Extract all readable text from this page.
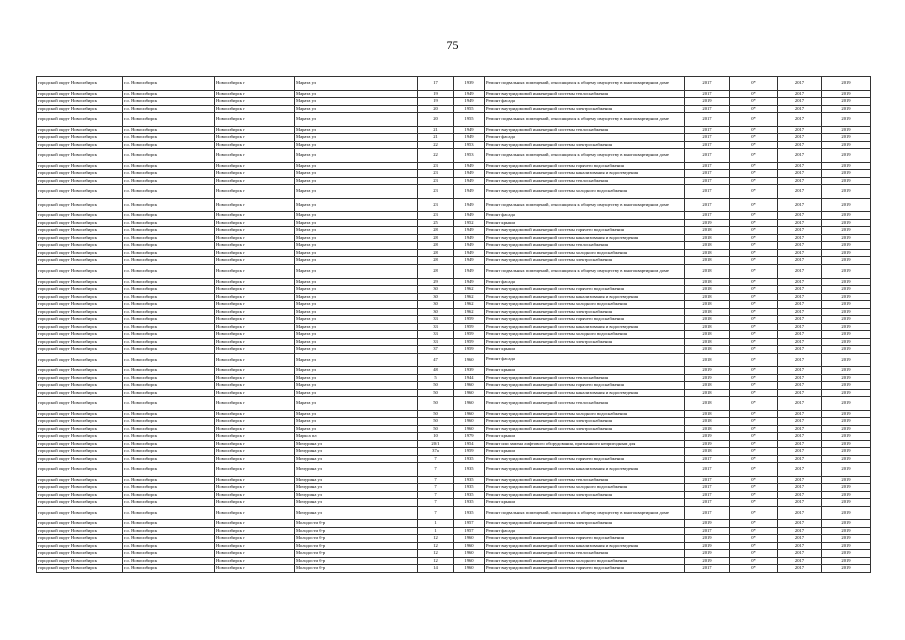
75
городской округ Новосибирск	г.о. Новосибирск	Новосибирск г	Марата ул	17	1939	Ремонт подвальных помещений, относящихся к общему имуществу в многоквартирном доме	2017	0*	2017	2019
городской округ Новосибирск	г.о. Новосибирск	Новосибирск г	Марата ул	19	1949	Ремонт внутридомовой инженерной системы теплоснабжения	2017	0*	2017	2019
городской округ Новосибирск	г.о. Новосибирск	Новосибирск г	Марата ул	19	1949	Ремонт фасада	2019	0*	2017	2019
городской округ Новосибирск	г.о. Новосибирск	Новосибирск г	Марата ул	20	1955	Ремонт внутридомовой инженерной системы электроснабжения	2017	0*	2017	2019
городской округ Новосибирск	г.о. Новосибирск	Новосибирск г	Марата ул	20	1955	Ремонт подвальных помещений, относящихся к общему имуществу в многоквартирном доме	2017	0*	2017	2019
городской округ Новосибирск	г.о. Новосибирск	Новосибирск г	Марата ул	21	1949	Ремонт внутридомовой инженерной системы теплоснабжения	2017	0*	2017	2019
городской округ Новосибирск	г.о. Новосибирск	Новосибирск г	Марата ул	21	1949	Ремонт фасада	2017	0*	2017	2019
городской округ Новосибирск	г.о. Новосибирск	Новосибирск г	Марата ул	22	1953	Ремонт внутридомовой инженерной системы электроснабжения	2017	0*	2017	2019
городской округ Новосибирск	г.о. Новосибирск	Новосибирск г	Марата ул	22	1953	Ремонт подвальных помещений, относящихся к общему имуществу в многоквартирном доме	2017	0*	2017	2019
городской округ Новосибирск	г.о. Новосибирск	Новосибирск г	Марата ул	23	1949	Ремонт внутридомовой инженерной системы горячего водоснабжения	2017	0*	2017	2019
городской округ Новосибирск	г.о. Новосибирск	Новосибирск г	Марата ул	23	1949	Ремонт внутридомовой инженерной системы канализования и водоотведения	2017	0*	2017	2019
городской округ Новосибирск	г.о. Новосибирск	Новосибирск г	Марата ул	23	1949	Ремонт внутридомовой инженерной системы теплоснабжения	2017	0*	2017	2019
городской округ Новосибирск	г.о. Новосибирск	Новосибирск г	Марата ул	23	1949	Ремонт внутридомовой инженерной системы холодного водоснабжения	2017	0*	2017	2019
городской округ Новосибирск	г.о. Новосибирск	Новосибирск г	Марата ул	23	1949	Ремонт подвальных помещений, относящихся к общему имуществу в многоквартирном доме	2017	0*	2017	2019
городской округ Новосибирск	г.о. Новосибирск	Новосибирск г	Марата ул	23	1949	Ремонт фасада	2017	0*	2017	2019
городской округ Новосибирск	г.о. Новосибирск	Новосибирск г	Марата ул	25	1952	Ремонт крыши	2019	0*	2017	2019
городской округ Новосибирск	г.о. Новосибирск	Новосибирск г	Марата ул	28	1949	Ремонт внутридомовой инженерной системы горячего водоснабжения	2018	0*	2017	2019
городской округ Новосибирск	г.о. Новосибирск	Новосибирск г	Марата ул	28	1949	Ремонт внутридомовой инженерной системы канализования и водоотведения	2018	0*	2017	2019
городской округ Новосибирск	г.о. Новосибирск	Новосибирск г	Марата ул	28	1949	Ремонт внутридомовой инженерной системы теплоснабжения	2018	0*	2017	2019
городской округ Новосибирск	г.о. Новосибирск	Новосибирск г	Марата ул	28	1949	Ремонт внутридомовой инженерной системы холодного водоснабжения	2018	0*	2017	2019
городской округ Новосибирск	г.о. Новосибирск	Новосибирск г	Марата ул	28	1949	Ремонт внутридомовой инженерной системы электроснабжения	2018	0*	2017	2019
городской округ Новосибирск	г.о. Новосибирск	Новосибирск г	Марата ул	28	1949	Ремонт подвальных помещений, относящихся к общему имуществу в многоквартирном доме	2018	0*	2017	2019
городской округ Новосибирск	г.о. Новосибирск	Новосибирск г	Марата ул	29	1949	Ремонт фасада	2018	0*	2017	2019
городской округ Новосибирск	г.о. Новосибирск	Новосибирск г	Марата ул	30	1962	Ремонт внутридомовой инженерной системы горячего водоснабжения	2018	0*	2017	2019
городской округ Новосибирск	г.о. Новосибирск	Новосибирск г	Марата ул	30	1962	Ремонт внутридомовой инженерной системы канализования и водоотведения	2018	0*	2017	2019
городской округ Новосибирск	г.о. Новосибирск	Новосибирск г	Марата ул	30	1962	Ремонт внутридомовой инженерной системы холодного водоснабжения	2018	0*	2017	2019
городской округ Новосибирск	г.о. Новосибирск	Новосибирск г	Марата ул	30	1962	Ремонт внутридомовой инженерной системы электроснабжения	2018	0*	2017	2019
городской округ Новосибирск	г.о. Новосибирск	Новосибирск г	Марата ул	33	1959	Ремонт внутридомовой инженерной системы горячего водоснабжения	2018	0*	2017	2019
городской округ Новосибирск	г.о. Новосибирск	Новосибирск г	Марата ул	33	1959	Ремонт внутридомовой инженерной системы канализования и водоотведения	2018	0*	2017	2019
городской округ Новосибирск	г.о. Новосибирск	Новосибирск г	Марата ул	33	1959	Ремонт внутридомовой инженерной системы холодного водоснабжения	2018	0*	2017	2019
городской округ Новосибирск	г.о. Новосибирск	Новосибирск г	Марата ул	33	1959	Ремонт внутридомовой инженерной системы электроснабжения	2018	0*	2017	2019
городской округ Новосибирск	г.о. Новосибирск	Новосибирск г	Марата ул	37	1959	Ремонт крыши	2018	0*	2017	2019
городской округ Новосибирск	г.о. Новосибирск	Новосибирск г	Марата ул	47	1960	Ремонт фасада	2018	0*	2017	2019
городской округ Новосибирск	г.о. Новосибирск	Новосибирск г	Марата ул	48	1939	Ремонт крыши	2019	0*	2017	2019
городской округ Новосибирск	г.о. Новосибирск	Новосибирск г	Марата ул	5	1944	Ремонт внутридомовой инженерной системы теплоснабжения	2019	0*	2017	2019
городской округ Новосибирск	г.о. Новосибирск	Новосибирск г	Марата ул	50	1960	Ремонт внутридомовой инженерной системы горячего водоснабжения	2018	0*	2017	2019
городской округ Новосибирск	г.о. Новосибирск	Новосибирск г	Марата ул	50	1960	Ремонт внутридомовой инженерной системы канализования и водоотведения	2018	0*	2017	2019
городской округ Новосибирск	г.о. Новосибирск	Новосибирск г	Марата ул	50	1960	Ремонт внутридомовой инженерной системы теплоснабжения	2018	0*	2017	2019
городской округ Новосибирск	г.о. Новосибирск	Новосибирск г	Марата ул	50	1960	Ремонт внутридомовой инженерной системы холодного водоснабжения	2018	0*	2017	2019
городской округ Новосибирск	г.о. Новосибирск	Новосибирск г	Марата ул	50	1960	Ремонт внутридомовой инженерной системы электроснабжения	2018	0*	2017	2019
городской округ Новосибирск	г.о. Новосибирск	Новосибирск г	Марата ул	50	1960	Ремонт внутридомовой инженерной системы электроснабжения	2018	0*	2017	2019
городской округ Новосибирск	г.о. Новосибирск	Новосибирск г	Маркса пл	10	1979	Ремонт крыши	2019	0*	2017	2019
городской округ Новосибирск	г.о. Новосибирск	Новосибирск г	Мичурина ул	20/1	1954	Ремонт или замена лифтового оборудования, признанного непригодным для	2019	0*	2017	2019
городской округ Новосибирск	г.о. Новосибирск	Новосибирск г	Мичурина ул	37а	1959	Ремонт крыши	2018	0*	2017	2019
городской округ Новосибирск	г.о. Новосибирск	Новосибирск г	Мичурина ул	7	1935	Ремонт внутридомовой инженерной системы горячего водоснабжения	2017	0*	2017	2019
городской округ Новосибирск	г.о. Новосибирск	Новосибирск г	Мичурина ул	7	1935	Ремонт внутридомовой инженерной системы канализования и водоотведения	2017	0*	2017	2019
городской округ Новосибирск	г.о. Новосибирск	Новосибирск г	Мичурина ул	7	1935	Ремонт внутридомовой инженерной системы теплоснабжения	2017	0*	2017	2019
городской округ Новосибирск	г.о. Новосибирск	Новосибирск г	Мичурина ул	7	1935	Ремонт внутридомовой инженерной системы холодного водоснабжения	2017	0*	2017	2019
городской округ Новосибирск	г.о. Новосибирск	Новосибирск г	Мичурина ул	7	1935	Ремонт внутридомовой инженерной системы электроснабжения	2017	0*	2017	2019
городской округ Новосибирск	г.о. Новосибирск	Новосибирск г	Мичурина ул	7	1935	Ремонт крыши	2017	0*	2017	2019
городской округ Новосибирск	г.о. Новосибирск	Новосибирск г	Мичурина ул	7	1935	Ремонт подвальных помещений, относящихся к общему имуществу в многоквартирном доме	2017	0*	2017	2019
городской округ Новосибирск	г.о. Новосибирск	Новосибирск г	Молодости б-р	1	1957	Ремонт внутридомовой инженерной системы электроснабжения	2019	0*	2017	2019
городской округ Новосибирск	г.о. Новосибирск	Новосибирск г	Молодости б-р	1	1957	Ремонт фасада	2017	0*	2017	2019
городской округ Новосибирск	г.о. Новосибирск	Новосибирск г	Молодости б-р	12	1960	Ремонт внутридомовой инженерной системы горячего водоснабжения	2019	0*	2017	2019
городской округ Новосибирск	г.о. Новосибирск	Новосибирск г	Молодости б-р	12	1960	Ремонт внутридомовой инженерной системы канализования и водоотведения	2019	0*	2017	2019
городской округ Новосибирск	г.о. Новосибирск	Новосибирск г	Молодости б-р	12	1960	Ремонт внутридомовой инженерной системы теплоснабжения	2019	0*	2017	2019
городской округ Новосибирск	г.о. Новосибирск	Новосибирск г	Молодости б-р	12	1960	Ремонт внутридомовой инженерной системы холодного водоснабжения	2019	0*	2017	2019
городской округ Новосибирск	г.о. Новосибирск	Новосибирск г	Молодости б-р	14	1960	Ремонт внутридомовой инженерной системы горячего водоснабжения	2017	0*	2017	2019
